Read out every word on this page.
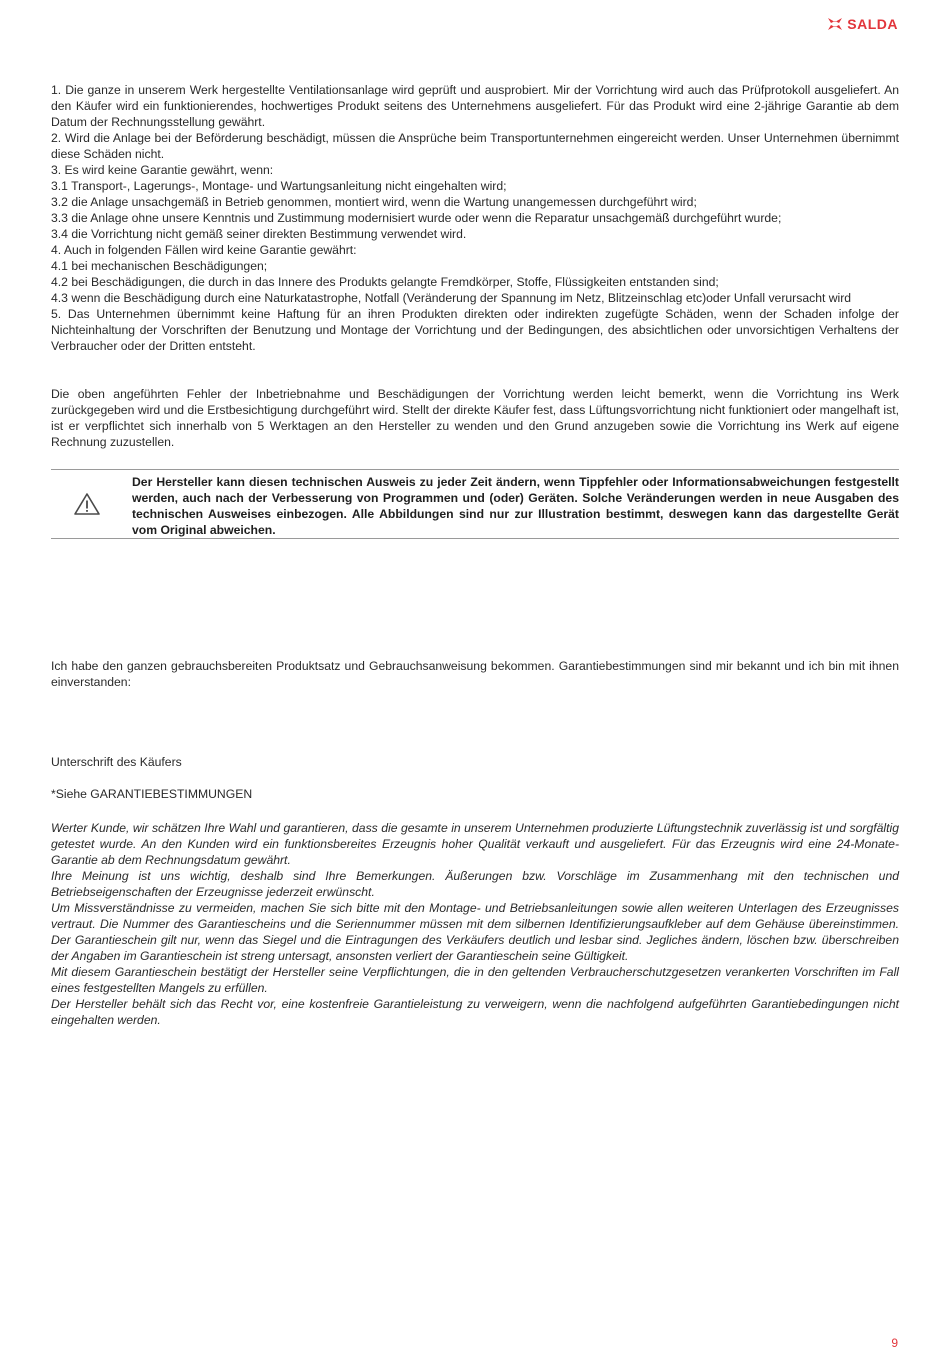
SALDA

1. Die ganze in unserem Werk hergestellte Ventilationsanlage wird geprüft und ausprobiert. Mir der Vorrichtung wird auch das Prüfprotokoll ausgeliefert. An den Käufer wird ein funktionierendes, hochwertiges Produkt seitens des Unternehmens ausgeliefert. Für das Produkt wird eine 2-jährige Garantie ab dem Datum der Rechnungsstellung gewährt.

2. Wird die Anlage bei der Beförderung beschädigt, müssen die Ansprüche beim Transportunternehmen eingereicht werden. Unser Unternehmen übernimmt diese Schäden nicht.

3. Es wird keine Garantie gewährt, wenn:

3.1 Transport-, Lagerungs-, Montage- und Wartungsanleitung nicht eingehalten wird;

3.2 die Anlage unsachgemäß in Betrieb genommen, montiert wird, wenn die Wartung unangemessen durchgeführt wird;

3.3 die Anlage ohne unsere Kenntnis und Zustimmung modernisiert wurde oder wenn die Reparatur unsachgemäß durchgeführt wurde;

3.4 die Vorrichtung nicht gemäß seiner direkten Bestimmung verwendet wird.

4. Auch in folgenden Fällen wird keine Garantie gewährt:

4.1 bei mechanischen Beschädigungen;

4.2 bei Beschädigungen, die durch in das Innere des Produkts gelangte Fremdkörper, Stoffe, Flüssigkeiten entstanden sind;

4.3 wenn die Beschädigung durch eine Naturkatastrophe, Notfall (Veränderung der Spannung im Netz, Blitzeinschlag etc)oder Unfall verursacht wird

5. Das Unternehmen übernimmt keine Haftung für an ihren Produkten direkten oder indirekten zugefügte Schäden, wenn der Schaden infolge der Nichteinhaltung der Vorschriften der Benutzung und Montage der Vorrichtung und der Bedingungen, des absichtlichen oder unvorsichtigen Verhaltens der Verbraucher oder der Dritten entsteht.

Die oben angeführten Fehler der Inbetriebnahme und Beschädigungen der Vorrichtung werden leicht bemerkt, wenn die Vorrichtung ins Werk zurückgegeben wird und die Erstbesichtigung durchgeführt wird. Stellt der direkte Käufer fest, dass Lüftungsvorrichtung nicht funktioniert oder mangelhaft ist, ist er verpflichtet sich innerhalb von 5 Werktagen an den Hersteller zu wenden und den Grund anzugeben sowie die Vorrichtung ins Werk auf eigene Rechnung zuzustellen.

Der Hersteller kann diesen technischen Ausweis zu jeder Zeit ändern, wenn Tippfehler oder Informationsabweichungen festgestellt werden, auch nach der Verbesserung von Programmen und (oder) Geräten. Solche Veränderungen werden in neue Ausgaben des technischen Ausweises einbezogen. Alle Abbildungen sind nur zur Illustration bestimmt, deswegen kann das dargestellte Gerät vom Original abweichen.

Ich habe den ganzen gebrauchsbereiten Produktsatz und Gebrauchsanweisung bekommen. Garantiebestimmungen sind mir bekannt und ich bin mit ihnen einverstanden:

Unterschrift des Käufers

*Siehe GARANTIEBESTIMMUNGEN

Werter Kunde, wir schätzen Ihre Wahl und garantieren, dass die gesamte in unserem Unternehmen produzierte Lüftungstechnik zuverlässig ist und sorgfältig getestet wurde. An den Kunden wird ein funktionsbereites Erzeugnis hoher Qualität verkauft und ausgeliefert. Für das Erzeugnis wird eine 24-Monate-Garantie ab dem Rechnungsdatum gewährt.

Ihre Meinung ist uns wichtig, deshalb sind Ihre Bemerkungen. Äußerungen bzw. Vorschläge im Zusammenhang mit den technischen und Betriebseigenschaften der Erzeugnisse jederzeit erwünscht.

Um Missverständnisse zu vermeiden, machen Sie sich bitte mit den Montage- und Betriebsanleitungen sowie allen weiteren Unterlagen des Erzeugnisses vertraut. Die Nummer des Garantiescheins und die Seriennummer müssen mit dem silbernen Identifizierungsaufkleber auf dem Gehäuse übereinstimmen. Der Garantieschein gilt nur, wenn das Siegel und die Eintragungen des Verkäufers deutlich und lesbar sind. Jegliches ändern, löschen bzw. überschreiben der Angaben im Garantieschein ist streng untersagt, ansonsten verliert der Garantieschein seine Gültigkeit.

Mit diesem Garantieschein bestätigt der Hersteller seine Verpflichtungen, die in den geltenden Verbraucherschutzgesetzen verankerten Vorschriften im Fall eines festgestellten Mangels zu erfüllen.

Der Hersteller behält sich das Recht vor, eine kostenfreie Garantieleistung zu verweigern, wenn die nachfolgend aufgeführten Garantiebedingungen nicht eingehalten werden.

9
